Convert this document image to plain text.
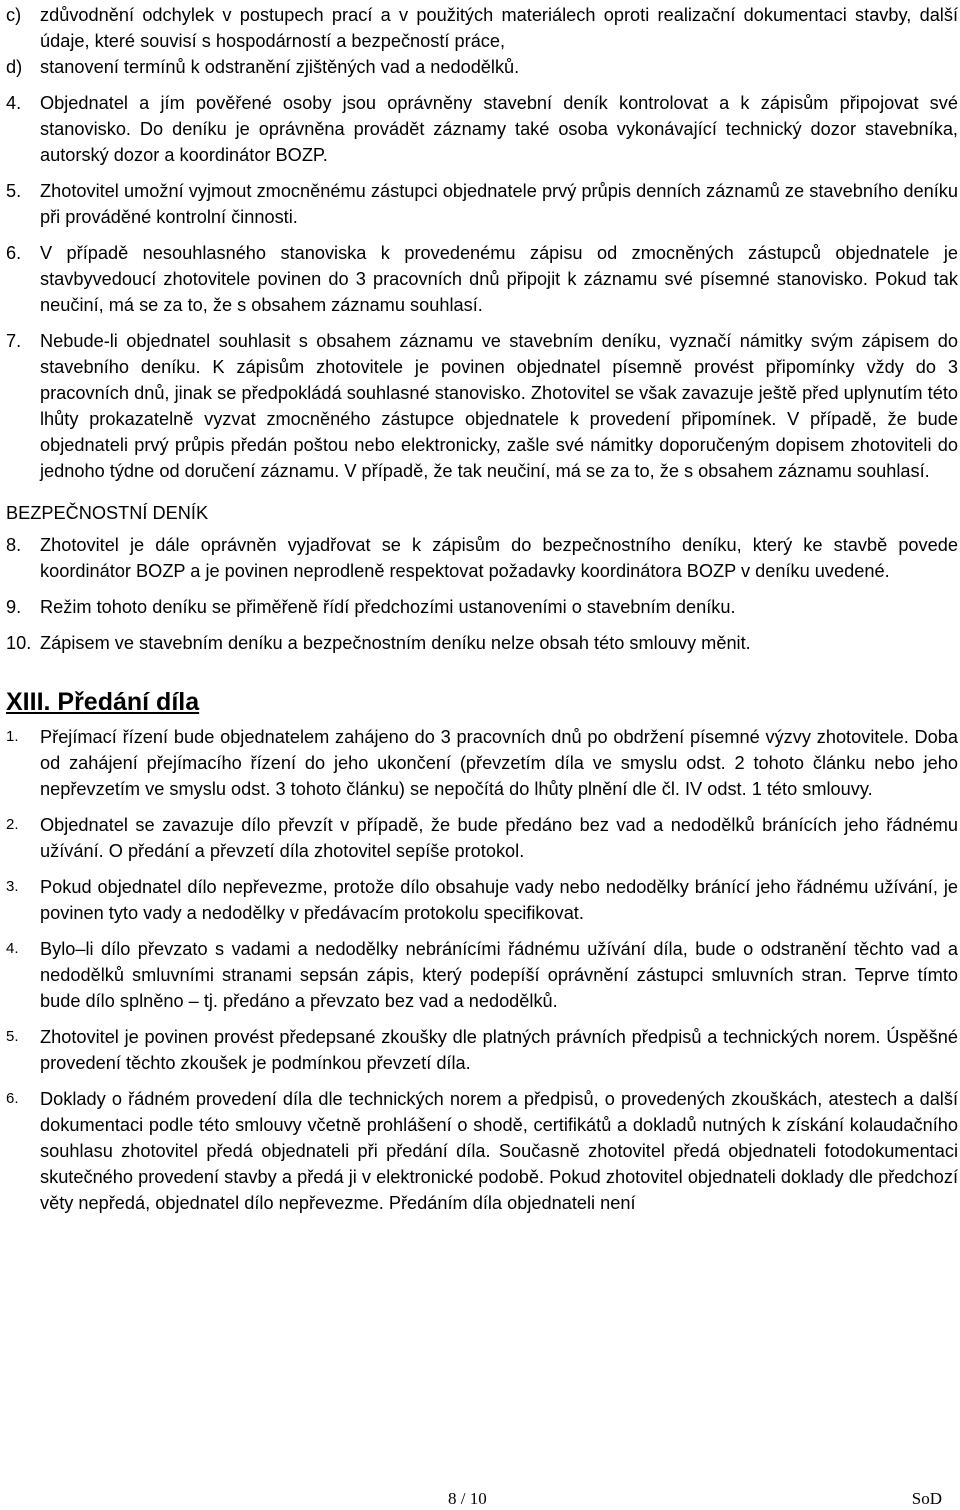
c)	zdůvodnění odchylek v postupech prací a v použitých materiálech oproti realizační dokumentaci stavby, další údaje, které souvisí s hospodárností a bezpečností práce,
d) stanovení termínů k odstranění zjištěných vad a nedodělků.
4.	Objednatel a jím pověřené osoby jsou oprávněny stavební deník kontrolovat a k zápisům připojovat své stanovisko. Do deníku je oprávněna provádět záznamy také osoba vykonávající technický dozor stavebníka, autorský dozor a koordinátor BOZP.
5.	Zhotovitel umožní vyjmout zmocněnému zástupci objednatele prvý průpis denních záznamů ze stavebního deníku při prováděné kontrolní činnosti.
6.	V případě nesouhlasného stanoviska k provedenému zápisu od zmocněných zástupců objednatele je stavbyvedoucí zhotovitele povinen do 3 pracovních dnů připojit k záznamu své písemné stanovisko. Pokud tak neučiní, má se za to, že s obsahem záznamu souhlasí.
7.	Nebude-li objednatel souhlasit s obsahem záznamu ve stavebním deníku, vyznačí námitky svým zápisem do stavebního deníku. K zápisům zhotovitele je povinen objednatel písemně provést připomínky vždy do 3 pracovních dnů, jinak se předpokládá souhlasné stanovisko. Zhotovitel se však zavazuje ještě před uplynutím této lhůty prokazatelně vyzvat zmocněného zástupce objednatele k provedení připomínek. V případě, že bude objednateli prvý průpis předán poštou nebo elektronicky, zašle své námitky doporučeným dopisem zhotoviteli do jednoho týdne od doručení záznamu. V případě, že tak neučiní, má se za to, že s obsahem záznamu souhlasí.
BEZPEČNOSTNÍ DENÍK
8.	Zhotovitel je dále oprávněn vyjadřovat se k zápisům do bezpečnostního deníku, který ke stavbě povede koordinátor BOZP a je povinen neprodleně respektovat požadavky koordinátora BOZP v deníku uvedené.
9.	Režim tohoto deníku se přiměřeně řídí předchozími ustanoveními o stavebním deníku.
10. Zápisem ve stavebním deníku a bezpečnostním deníku nelze obsah této smlouvy měnit.
XIII. Předání díla
1.	Přejímací řízení bude objednatelem zahájeno do 3 pracovních dnů po obdržení písemné výzvy zhotovitele. Doba od zahájení přejímacího řízení do jeho ukončení (převzetím díla ve smyslu odst. 2 tohoto článku nebo jeho nepřevzetím ve smyslu odst. 3 tohoto článku) se nepočítá do lhůty plnění dle čl. IV odst. 1 této smlouvy.
2.	Objednatel se zavazuje dílo převzít v případě, že bude předáno bez vad a nedodělků bránících jeho řádnému užívání. O předání a převzetí díla zhotovitel sepíše protokol.
3.	Pokud objednatel dílo nepřevezme, protože dílo obsahuje vady nebo nedodělky bránící jeho řádnému užívání, je povinen tyto vady a nedodělky v předávacím protokolu specifikovat.
4.	Bylo–li dílo převzato s vadami a nedodělky nebránícími řádnému užívání díla, bude o odstranění těchto vad a nedodělků smluvními stranami sepsán zápis, který podepíší oprávnění zástupci smluvních stran. Teprve tímto bude dílo splněno – tj. předáno a převzato bez vad a nedodělků.
5.	Zhotovitel je povinen provést předepsané zkoušky dle platných právních předpisů a technických norem. Úspěšné provedení těchto zkoušek je podmínkou převzetí díla.
6.	Doklady o řádném provedení díla dle technických norem a předpisů, o provedených zkouškách, atestech a další dokumentaci podle této smlouvy včetně prohlášení o shodě, certifikátů a dokladů nutných k získání kolaudačního souhlasu zhotovitel předá objednateli při předání díla. Současně zhotovitel předá objednateli fotodokumentaci skutečného provedení stavby a předá ji v elektronické podobě. Pokud zhotovitel objednateli doklady dle předchozí věty nepředá, objednatel dílo nepřevezme. Předáním díla objednateli není
8 / 10	SoD
